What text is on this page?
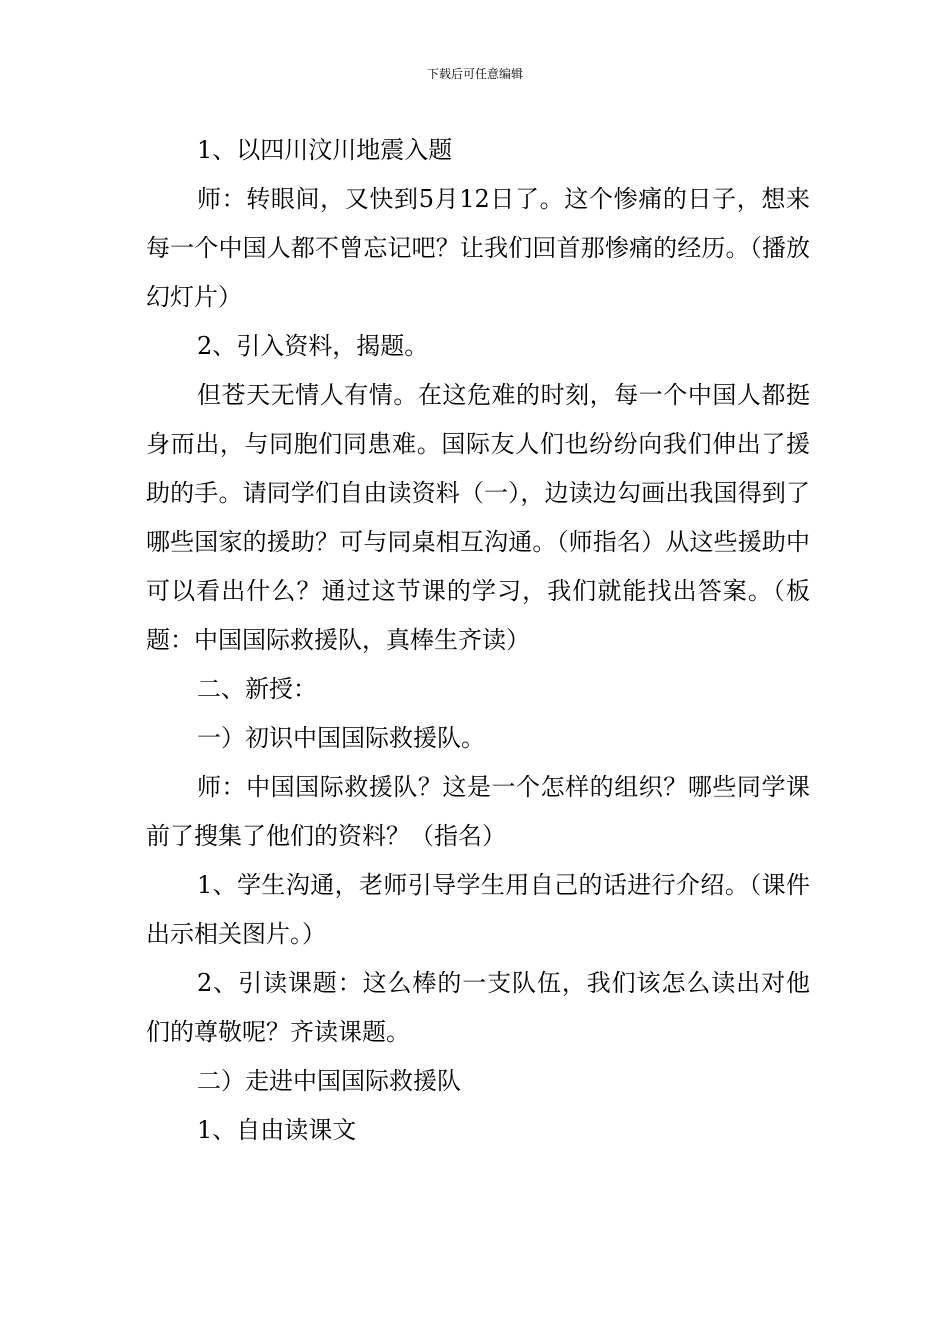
下载后可任意编辑

1、以四川汶川地震入题

师：转眼间，又快到5月12日了。这个惨痛的日子，想来每一个中国人都不曾忘记吧？让我们回首那惨痛的经历。（播放幻灯片）

2、引入资料，揭题。

但苍天无情人有情。在这危难的时刻，每一个中国人都挺身而出，与同胞们同患难。国际友人们也纷纷向我们伸出了援助的手。请同学们自由读资料（一），边读边勾画出我国得到了哪些国家的援助？可与同桌相互沟通。（师指名）从这些援助中可以看出什么？通过这节课的学习，我们就能找出答案。（板题：中国国际救援队，真棒生齐读）

二、新授：

一）初识中国国际救援队。

师：中国国际救援队？这是一个怎样的组织？哪些同学课前了搜集了他们的资料？（指名）

1、学生沟通，老师引导学生用自己的话进行介绍。（课件出示相关图片。）

2、引读课题：这么棒的一支队伍，我们该怎么读出对他们的尊敬呢？齐读课题。

二）走进中国国际救援队

1、自由读课文
